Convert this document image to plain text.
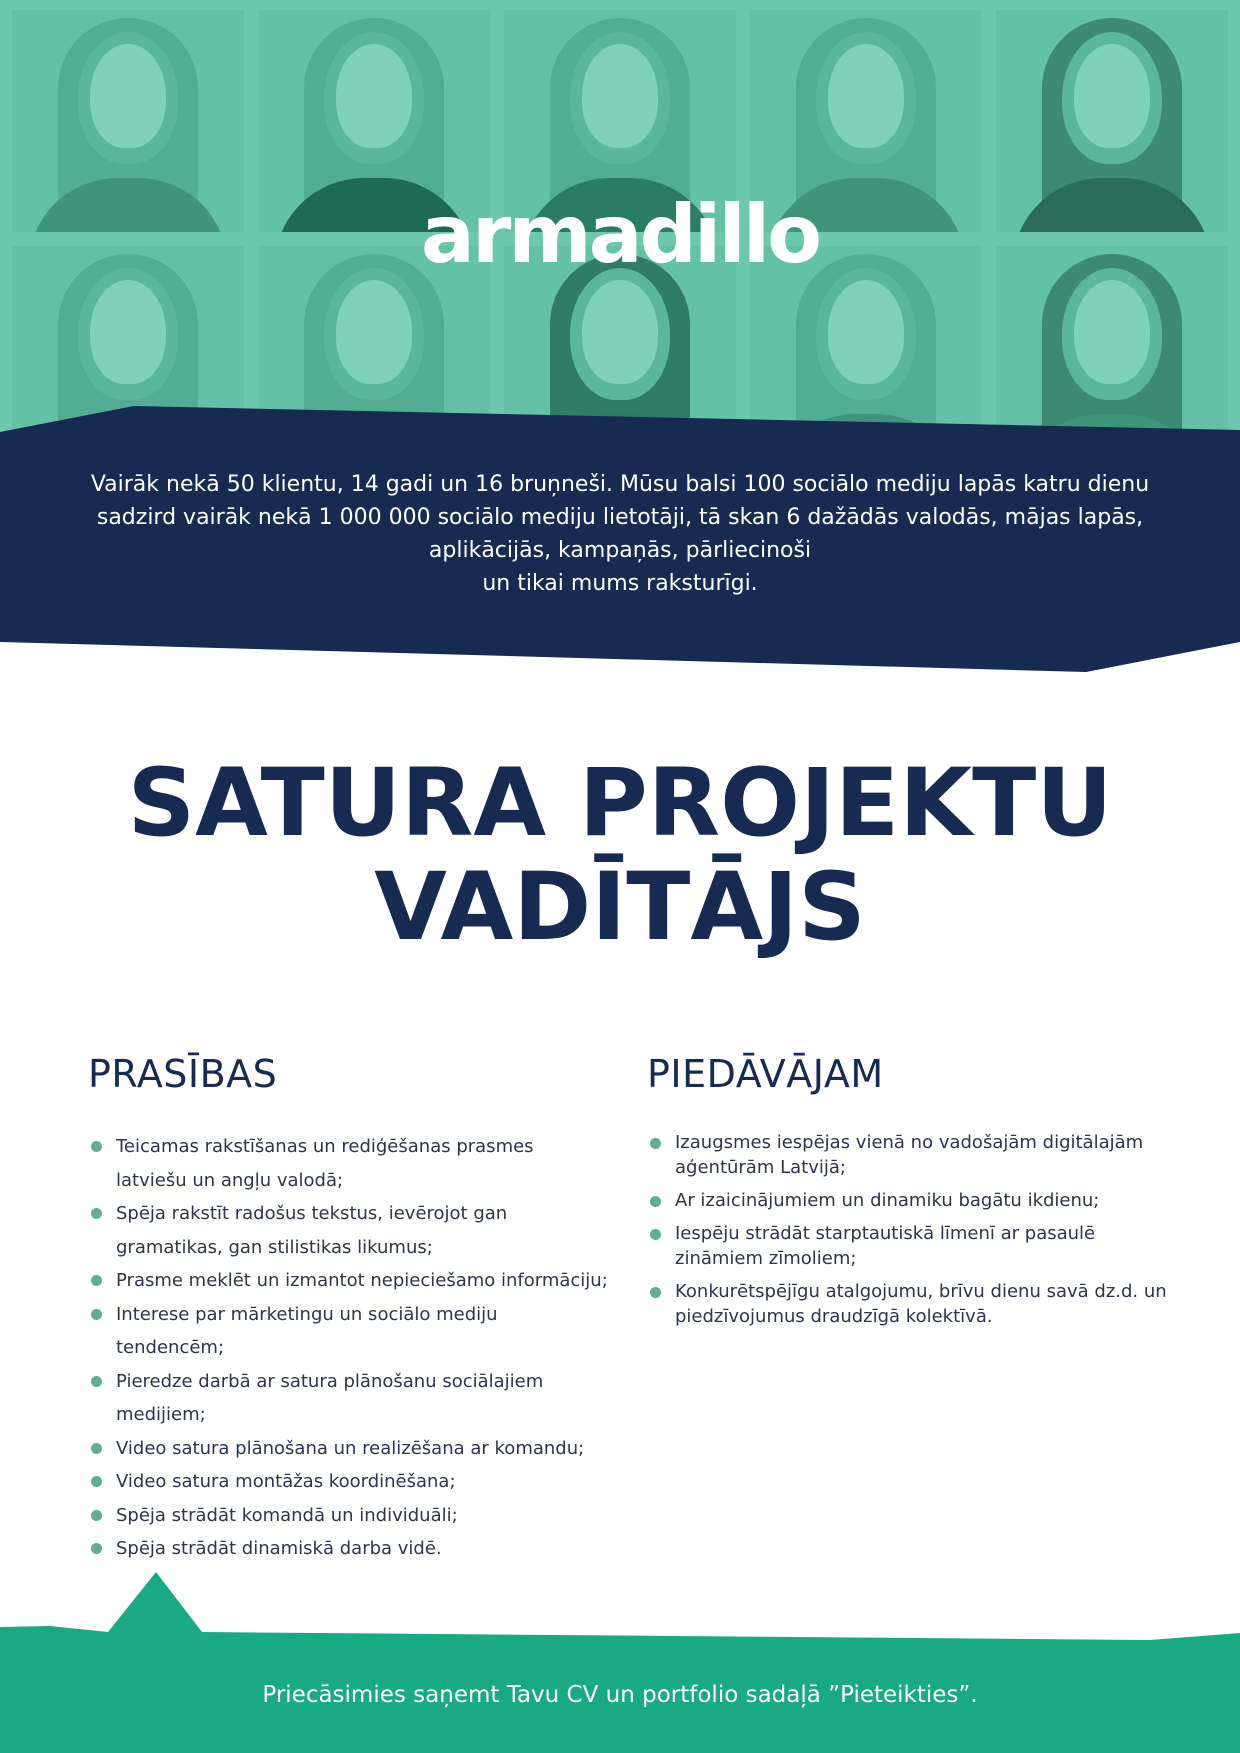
armadillo
Vairāk nekā 50 klientu, 14 gadi un 16 bruņneši. Mūsu balsi 100 sociālo mediju lapās katru dienu
sadzird vairāk nekā 1 000 000 sociālo mediju lietotāji, tā skan 6 dažādās valodās, mājas lapās,
aplikācijās, kampaņās, pārliecinoši
un tikai mums raksturīgi.
SATURA PROJEKTU
VADĪTĀJS
PRASĪBAS
Teicamas rakstīšanas un rediģēšanas prasmes latviešu un angļu valodā;
Spēja rakstīt radošus tekstus, ievērojot gan gramatikas, gan stilistikas likumus;
Prasme meklēt un izmantot nepieciešamo informāciju;
Interese par mārketingu un sociālo mediju tendencēm;
Pieredze darbā ar satura plānošanu sociālajiem medijiem;
Video satura plānošana un realizēšana ar komandu;
Video satura montāžas koordinēšana;
Spēja strādāt komandā un individuāli;
Spēja strādāt dinamiskā darba vidē.
PIEDĀVĀJAM
Izaugsmes iespējas vienā no vadošajām digitālajām aģentūrām Latvijā;
Ar izaicinājumiem un dinamiku bagātu ikdienu;
Iespēju strādāt starptautiskā līmenī ar pasaulē zināmiem zīmoliem;
Konkurētspējīgu atalgojumu, brīvu dienu savā dz.d. un piedzīvojumus draudzīgā kolektīvā.
Priecāsimies saņemt Tavu CV un portfolio sadaļā ”Pieteikties”.
